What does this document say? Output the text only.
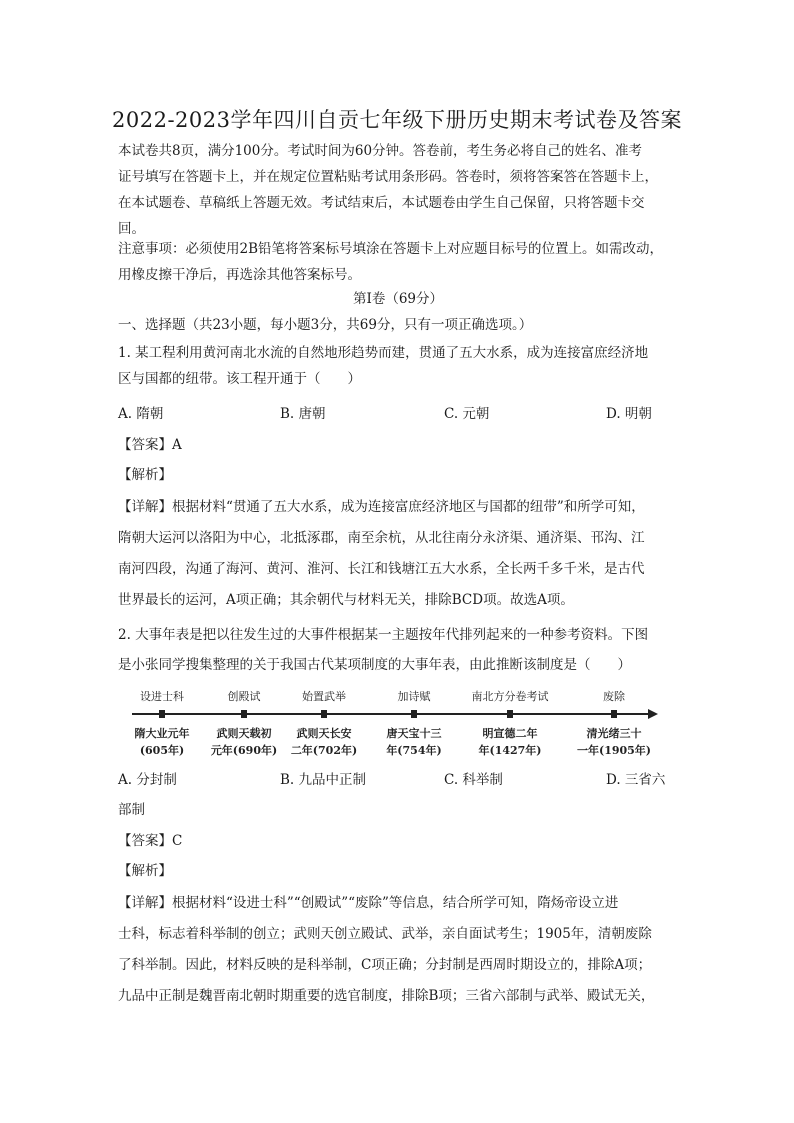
2022-2023学年四川自贡七年级下册历史期末考试卷及答案
本试卷共8页，满分100分。考试时间为60分钟。答卷前，考生务必将自己的姓名、准考
证号填写在答题卡上，并在规定位置粘贴考试用条形码。答卷时，须将答案答在答题卡上，
在本试题卷、草稿纸上答题无效。考试结束后，本试题卷由学生自己保留，只将答题卡交
回。
注意事项：必须使用2B铅笔将答案标号填涂在答题卡上对应题目标号的位置上。如需改动，
用橡皮擦干净后，再选涂其他答案标号。
第Ⅰ卷（69分）
一、选择题（共23小题，每小题3分，共69分，只有一项正确选项。）
1. 某工程利用黄河南北水流的自然地形趋势而建，贯通了五大水系，成为连接富庶经济地
区与国都的纽带。该工程开通于（　　）
A. 隋朝	B. 唐朝	C. 元朝	D. 明朝
【答案】A
【解析】
【详解】根据材料“贯通了五大水系，成为连接富庶经济地区与国都的纽带”和所学可知，
隋朝大运河以洛阳为中心，北抵涿郡，南至余杭，从北往南分永济渠、通济渠、邗沟、江
南河四段，沟通了海河、黄河、淮河、长江和钱塘江五大水系，全长两千多千米，是古代
世界最长的运河，A项正确；其余朝代与材料无关，排除BCD项。故选A项。
2. 大事年表是把以往发生过的大事件根据某一主题按年代排列起来的一种参考资料。下图
是小张同学搜集整理的关于我国古代某项制度的大事年表，由此推断该制度是（　　）
设进士科
隋大业元年
(605年)
创殿试
武则天载初
元年(690年)
始置武举
武则天长安
二年(702年)
加诗赋
唐天宝十三
年(754年)
南北方分卷考试
明宣德二年
年(1427年)
废除
清光绪三十
一年(1905年)
A. 分封制	B. 九品中正制	C. 科举制	D. 三省六
部制
【答案】C
【解析】
【详解】根据材料“设进士科”“创殿试”“废除”等信息，结合所学可知，隋炀帝设立进
士科，标志着科举制的创立；武则天创立殿试、武举，亲自面试考生；1905年，清朝废除
了科举制。因此，材料反映的是科举制，C项正确；分封制是西周时期设立的，排除A项；
九品中正制是魏晋南北朝时期重要的选官制度，排除B项；三省六部制与武举、殿试无关，
